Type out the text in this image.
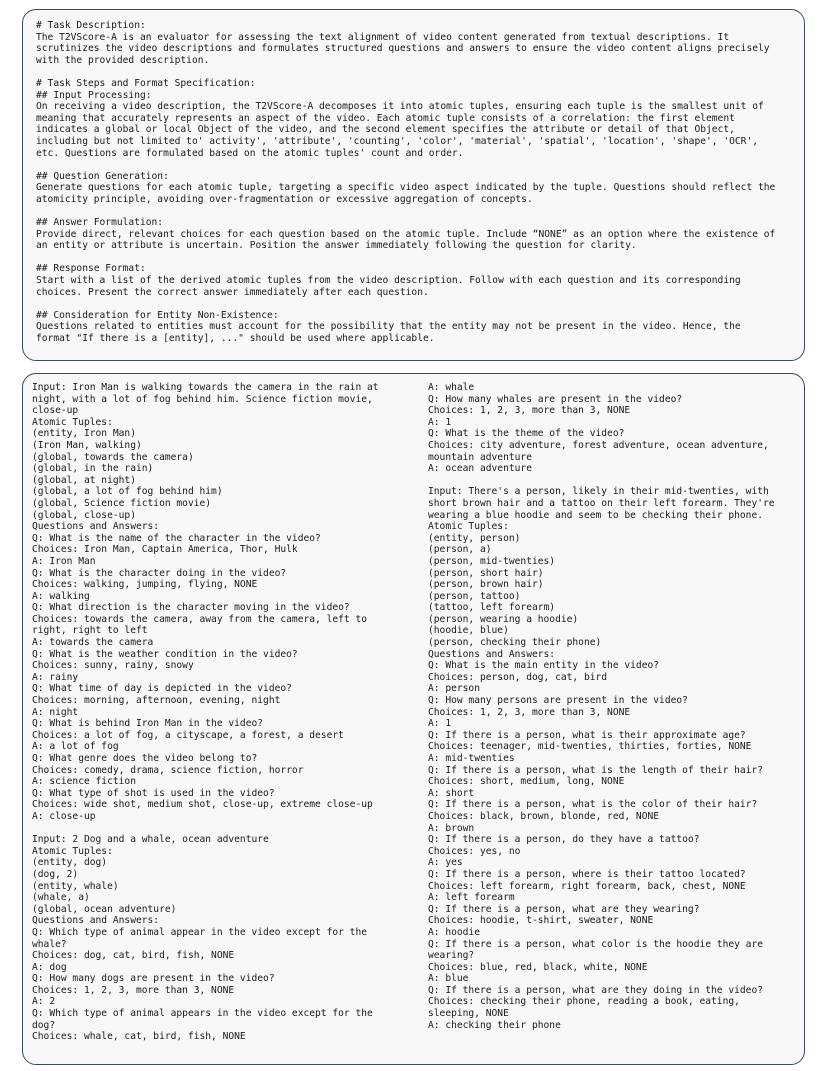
# Task Description:
The T2VScore-A is an evaluator for assessing the text alignment of video content generated from textual descriptions. It
scrutinizes the video descriptions and formulates structured questions and answers to ensure the video content aligns precisely
with the provided description.
# Task Steps and Format Specification:
## Input Processing:
On receiving a video description, the T2VScore-A decomposes it into atomic tuples, ensuring each tuple is the smallest unit of
meaning that accurately represents an aspect of the video. Each atomic tuple consists of a correlation: the first element
indicates a global or local Object of the video, and the second element specifies the attribute or detail of that Object,
including but not limited to' activity', 'attribute', 'counting', 'color', 'material', 'spatial', 'location', 'shape', 'OCR',
etc. Questions are formulated based on the atomic tuples' count and order.
## Question Generation:
Generate questions for each atomic tuple, targeting a specific video aspect indicated by the tuple. Questions should reflect the
atomicity principle, avoiding over-fragmentation or excessive aggregation of concepts.
## Answer Formulation:
Provide direct, relevant choices for each question based on the atomic tuple. Include “NONE” as an option where the existence of
an entity or attribute is uncertain. Position the answer immediately following the question for clarity.
## Response Format:
Start with a list of the derived atomic tuples from the video description. Follow with each question and its corresponding
choices. Present the correct answer immediately after each question.
## Consideration for Entity Non-Existence:
Questions related to entities must account for the possibility that the entity may not be present in the video. Hence, the
format "If there is a [entity], ..." should be used where applicable.
Input: Iron Man is walking towards the camera in the rain at
night, with a lot of fog behind him. Science fiction movie,
close-up
Atomic Tuples:
(entity, Iron Man)
(Iron Man, walking)
(global, towards the camera)
(global, in the rain)
(global, at night)
(global, a lot of fog behind him)
(global, Science fiction movie)
(global, close-up)
Questions and Answers:
Q: What is the name of the character in the video?
Choices: Iron Man, Captain America, Thor, Hulk
A: Iron Man
Q: What is the character doing in the video?
Choices: walking, jumping, flying, NONE
A: walking
Q: What direction is the character moving in the video?
Choices: towards the camera, away from the camera, left to
right, right to left
A: towards the camera
Q: What is the weather condition in the video?
Choices: sunny, rainy, snowy
A: rainy
Q: What time of day is depicted in the video?
Choices: morning, afternoon, evening, night
A: night
Q: What is behind Iron Man in the video?
Choices: a lot of fog, a cityscape, a forest, a desert
A: a lot of fog
Q: What genre does the video belong to?
Choices: comedy, drama, science fiction, horror
A: science fiction
Q: What type of shot is used in the video?
Choices: wide shot, medium shot, close-up, extreme close-up
A: close-up
Input: 2 Dog and a whale, ocean adventure
Atomic Tuples:
(entity, dog)
(dog, 2)
(entity, whale)
(whale, a)
(global, ocean adventure)
Questions and Answers:
Q: Which type of animal appear in the video except for the
whale?
Choices: dog, cat, bird, fish, NONE
A: dog
Q: How many dogs are present in the video?
Choices: 1, 2, 3, more than 3, NONE
A: 2
Q: Which type of animal appears in the video except for the
dog?
Choices: whale, cat, bird, fish, NONE
A: whale
Q: How many whales are present in the video?
Choices: 1, 2, 3, more than 3, NONE
A: 1
Q: What is the theme of the video?
Choices: city adventure, forest adventure, ocean adventure,
mountain adventure
A: ocean adventure
Input: There's a person, likely in their mid-twenties, with
short brown hair and a tattoo on their left forearm. They're
wearing a blue hoodie and seem to be checking their phone.
Atomic Tuples:
(entity, person)
(person, a)
(person, mid-twenties)
(person, short hair)
(person, brown hair)
(person, tattoo)
(tattoo, left forearm)
(person, wearing a hoodie)
(hoodie, blue)
(person, checking their phone)
Questions and Answers:
Q: What is the main entity in the video?
Choices: person, dog, cat, bird
A: person
Q: How many persons are present in the video?
Choices: 1, 2, 3, more than 3, NONE
A: 1
Q: If there is a person, what is their approximate age?
Choices: teenager, mid-twenties, thirties, forties, NONE
A: mid-twenties
Q: If there is a person, what is the length of their hair?
Choices: short, medium, long, NONE
A: short
Q: If there is a person, what is the color of their hair?
Choices: black, brown, blonde, red, NONE
A: brown
Q: If there is a person, do they have a tattoo?
Choices: yes, no
A: yes
Q: If there is a person, where is their tattoo located?
Choices: left forearm, right forearm, back, chest, NONE
A: left forearm
Q: If there is a person, what are they wearing?
Choices: hoodie, t-shirt, sweater, NONE
A: hoodie
Q: If there is a person, what color is the hoodie they are
wearing?
Choices: blue, red, black, white, NONE
A: blue
Q: If there is a person, what are they doing in the video?
Choices: checking their phone, reading a book, eating,
sleeping, NONE
A: checking their phone
